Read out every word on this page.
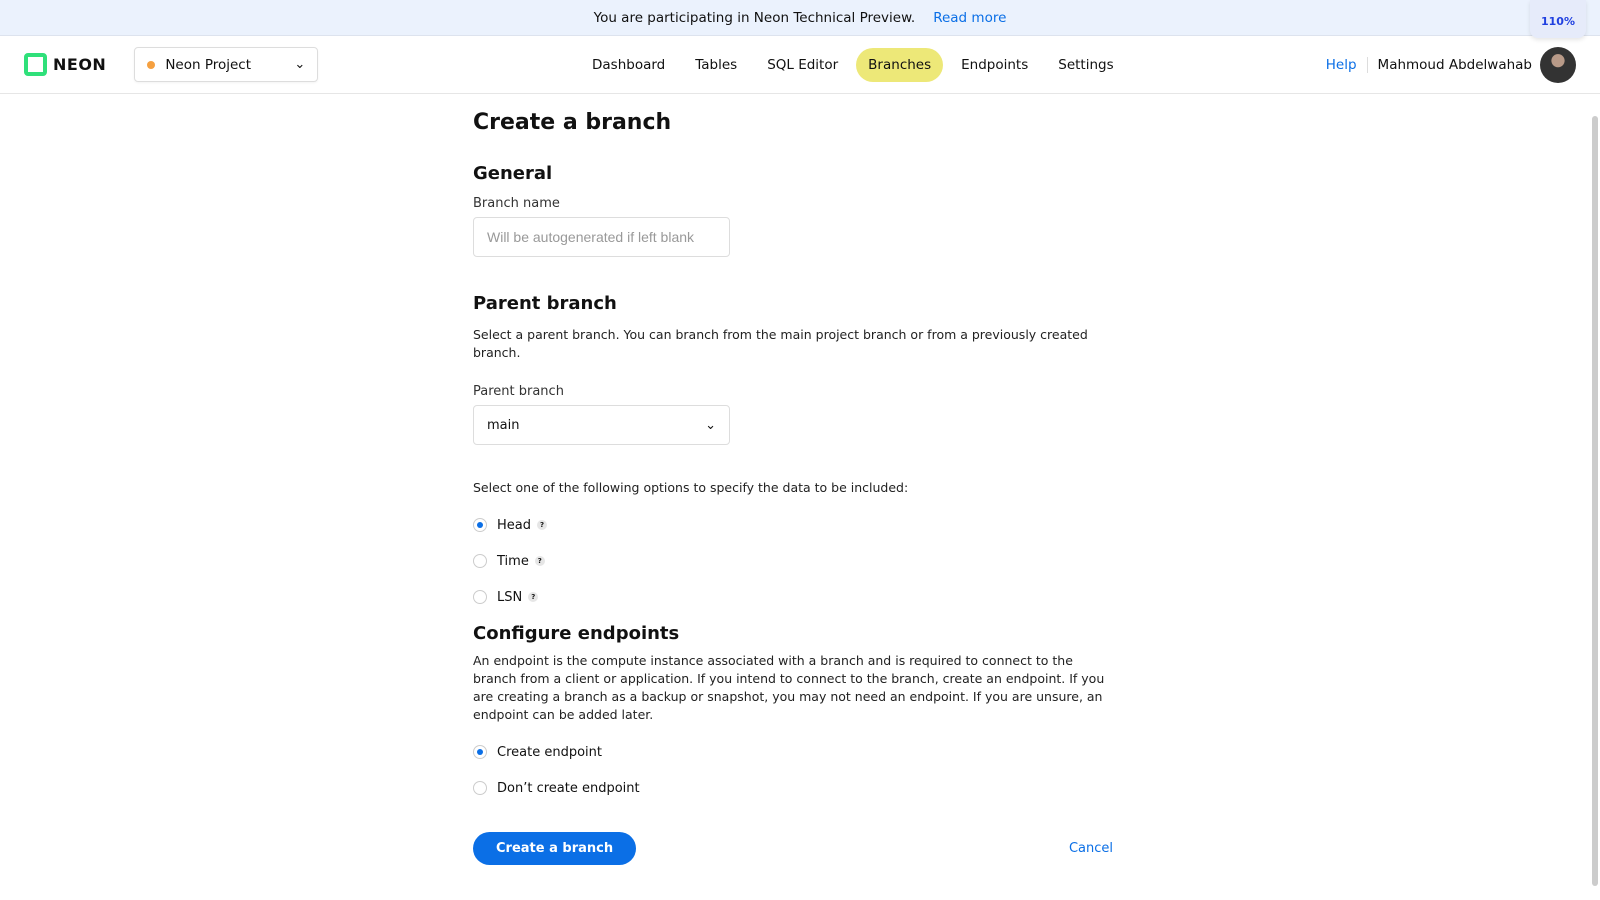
You are participating in Neon Technical Preview. Read more	110%
NEON	Neon Project	⌄	Dashboard	Tables	SQL Editor	Branches	Endpoints	Settings	Help	Mahmoud Abdelwahab
Create a branch
General
Branch name
Will be autogenerated if left blank
Parent branch

Select a parent branch. You can branch from the main project branch or from a previously created branch.

Parent branch
main	⌄

Select one of the following options to specify the data to be included:

Head	?
Time	?
LSN	?
Configure endpoints

An endpoint is the compute instance associated with a branch and is required to connect to the branch from a client or application. If you intend to connect to the branch, create an endpoint. If you are creating a branch as a backup or snapshot, you may not need an endpoint. If you are unsure, an endpoint can be added later.

Create endpoint
Don’t create endpoint
Create a branch	Cancel
